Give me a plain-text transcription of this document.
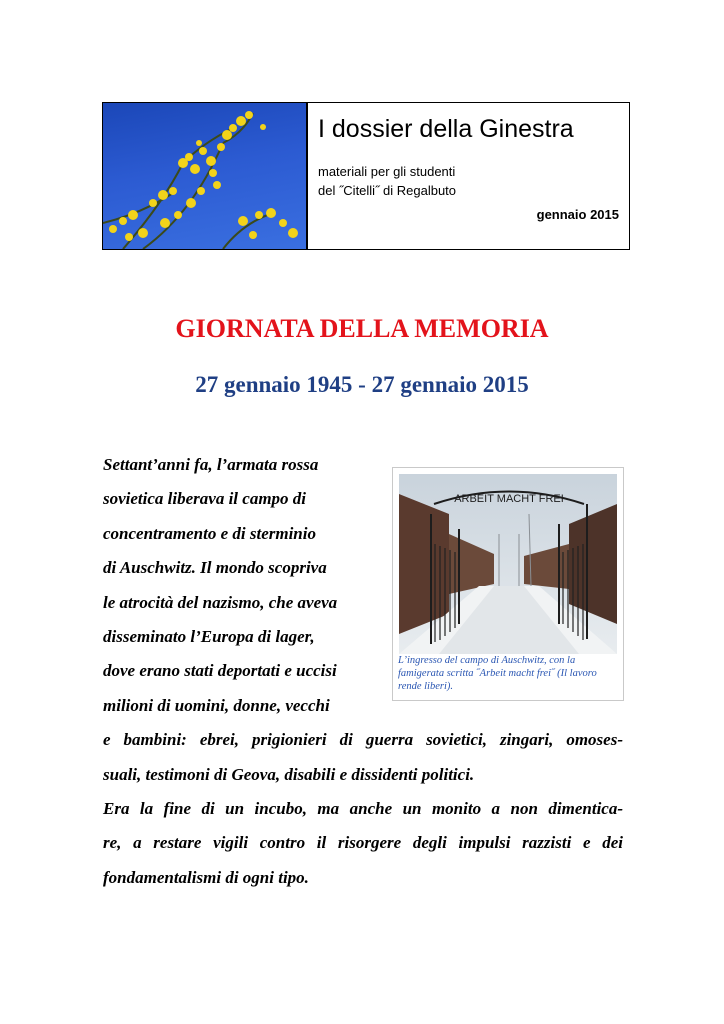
I dossier della Ginestra
materiali per gli studenti
del ˝Citelli˝ di Regalbuto
gennaio 2015
GIORNATA DELLA MEMORIA
27 gennaio 1945 - 27 gennaio 2015
ARBEIT MACHT FREI
L’ingresso del campo di Auschwitz, con la famigerata scritta ˝Arbeit macht frei˝ (Il lavoro rende liberi).
Settant’anni fa, l’armata rossa
sovietica liberava il campo di
concentramento e di sterminio
di Auschwitz. Il mondo scopriva
le atrocità del nazismo, che aveva
disseminato l’Europa di lager,
dove erano stati deportati e uccisi
milioni di uomini, donne, vecchi
e bambini: ebrei, prigionieri di guerra sovietici, zingari, omoses-
suali, testimoni di Geova, disabili e dissidenti politici.
Era la fine di un incubo, ma anche un monito a non dimentica-
re, a restare vigili contro il risorgere degli impulsi razzisti e dei
fondamentalismi di ogni tipo.
